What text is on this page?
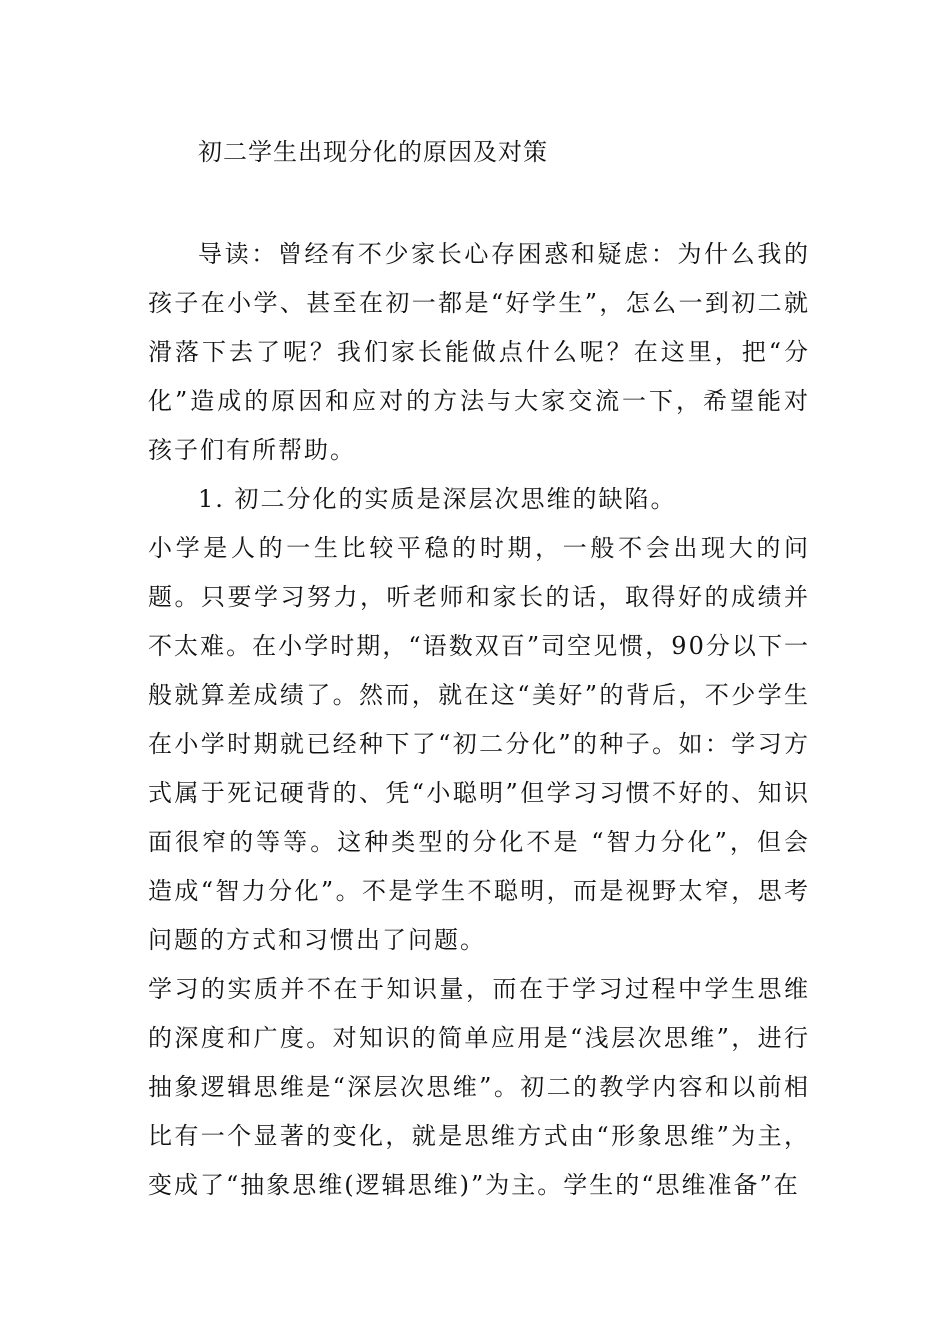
初二学生出现分化的原因及对策

导读：曾经有不少家长心存困惑和疑虑：为什么我的孩子在小学、甚至在初一都是“好学生”，怎么一到初二就滑落下去了呢？我们家长能做点什么呢？在这里，把“分化”造成的原因和应对的方法与大家交流一下，希望能对孩子们有所帮助。

1. 初二分化的实质是深层次思维的缺陷。

小学是人的一生比较平稳的时期，一般不会出现大的问题。只要学习努力，听老师和家长的话，取得好的成绩并不太难。在小学时期，“语数双百”司空见惯，90分以下一般就算差成绩了。然而，就在这“美好”的背后，不少学生在小学时期就已经种下了“初二分化”的种子。如：学习方式属于死记硬背的、凭“小聪明”但学习习惯不好的、知识面很窄的等等。这种类型的分化不是 “智力分化”，但会造成“智力分化”。不是学生不聪明，而是视野太窄，思考问题的方式和习惯出了问题。

学习的实质并不在于知识量，而在于学习过程中学生思维的深度和广度。对知识的简单应用是“浅层次思维”，进行抽象逻辑思维是“深层次思维”。初二的教学内容和以前相比有一个显著的变化，就是思维方式由“形象思维”为主，变成了“抽象思维(逻辑思维)”为主。学生的“思维准备”在
